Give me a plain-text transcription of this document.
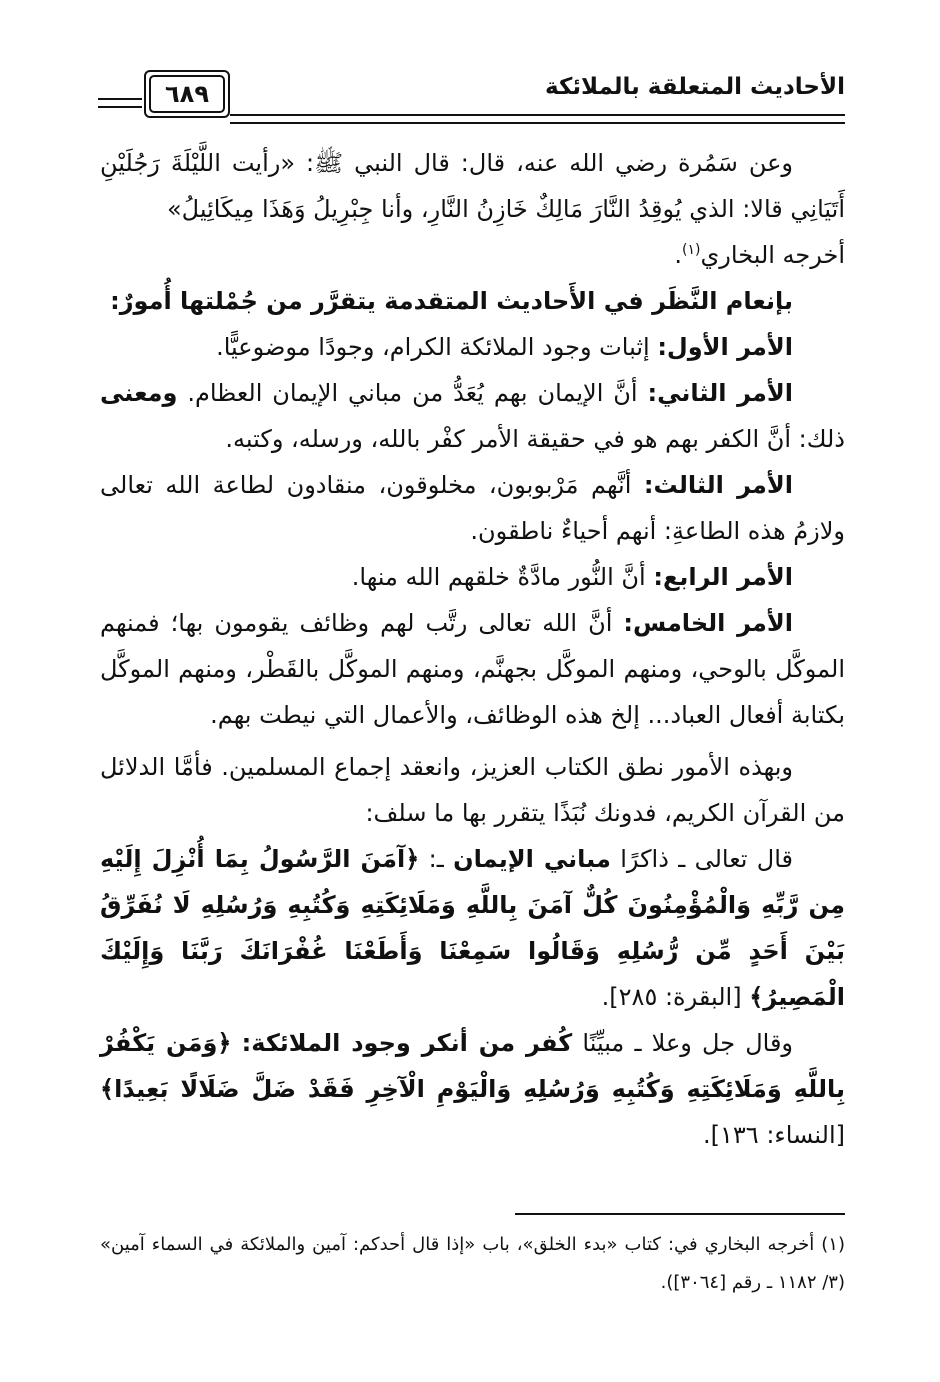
٦٨٩	الأحاديث المتعلقة بالملائكة

وعن سَمُرة رضي الله عنه، قال: قال النبي ﷺ: «رأيت اللَّيْلَةَ رَجُلَيْنِ أَتَيَانِي قالا: الذي يُوقِدُ النَّارَ مَالِكٌ خَازِنُ النَّارِ، وأنا جِبْرِيلُ وَهَذَا مِيكَائِيلُ»
أخرجه البخاري$^{(١)}$.

بإنعام النَّظَر في الأَحاديث المتقدمة يتقرَّر من جُمْلتها أُمورٌ:

الأمر الأول: إثبات وجود الملائكة الكرام، وجودًا موضوعيًّا.

الأمر الثاني: أنَّ الإيمان بهم يُعَدُّ من مباني الإيمان العظام. ومعنى ذلك: أنَّ الكفر بهم هو في حقيقة الأمر كفْر بالله، ورسله، وكتبه.

الأمر الثالث: أنَّهم مَرْبوبون، مخلوقون، منقادون لطاعة الله تعالى ولازمُ هذه الطاعةِ: أنهم أحياءٌ ناطقون.

الأمر الرابع: أنَّ النُّور مادَّةٌ خلقهم الله منها.

الأمر الخامس: أنَّ الله تعالى رتَّب لهم وظائف يقومون بها؛ فمنهم الموكَّل بالوحي، ومنهم الموكَّل بجهنَّم، ومنهم الموكَّل بالقَطْر، ومنهم الموكَّل بكتابة أفعال العباد... إلخ هذه الوظائف، والأعمال التي نيطت بهم.

وبهذه الأمور نطق الكتاب العزيز، وانعقد إجماع المسلمين. فأمَّا الدلائل من القرآن الكريم، فدونك نُبَذًا يتقرر بها ما سلف:

قال تعالى ـ ذاكرًا مباني الإيمان ـ: ﴿آمَنَ الرَّسُولُ بِمَا أُنْزِلَ إِلَيْهِ مِن رَّبِّهِ وَالْمُؤْمِنُونَ كُلٌّ آمَنَ بِاللَّهِ وَمَلَائِكَتِهِ وَكُتُبِهِ وَرُسُلِهِ لَا نُفَرِّقُ بَيْنَ أَحَدٍ مِّن رُّسُلِهِ وَقَالُوا سَمِعْنَا وَأَطَعْنَا غُفْرَانَكَ رَبَّنَا وَإِلَيْكَ الْمَصِيرُ﴾ [البقرة: ٢٨٥].

وقال جل وعلا ـ مبيِّنًا كُفر من أنكر وجود الملائكة: ﴿وَمَن يَكْفُرْ بِاللَّهِ وَمَلَائِكَتِهِ وَكُتُبِهِ وَرُسُلِهِ وَالْيَوْمِ الْآخِرِ فَقَدْ ضَلَّ ضَلَالًا بَعِيدًا﴾ [النساء: ١٣٦].

(١) أخرجه البخاري في: كتاب «بدء الخلق»، باب «إذا قال أحدكم: آمين والملائكة في السماء آمين» (٣/ ١١٨٢ ـ رقم [٣٠٦٤]).
